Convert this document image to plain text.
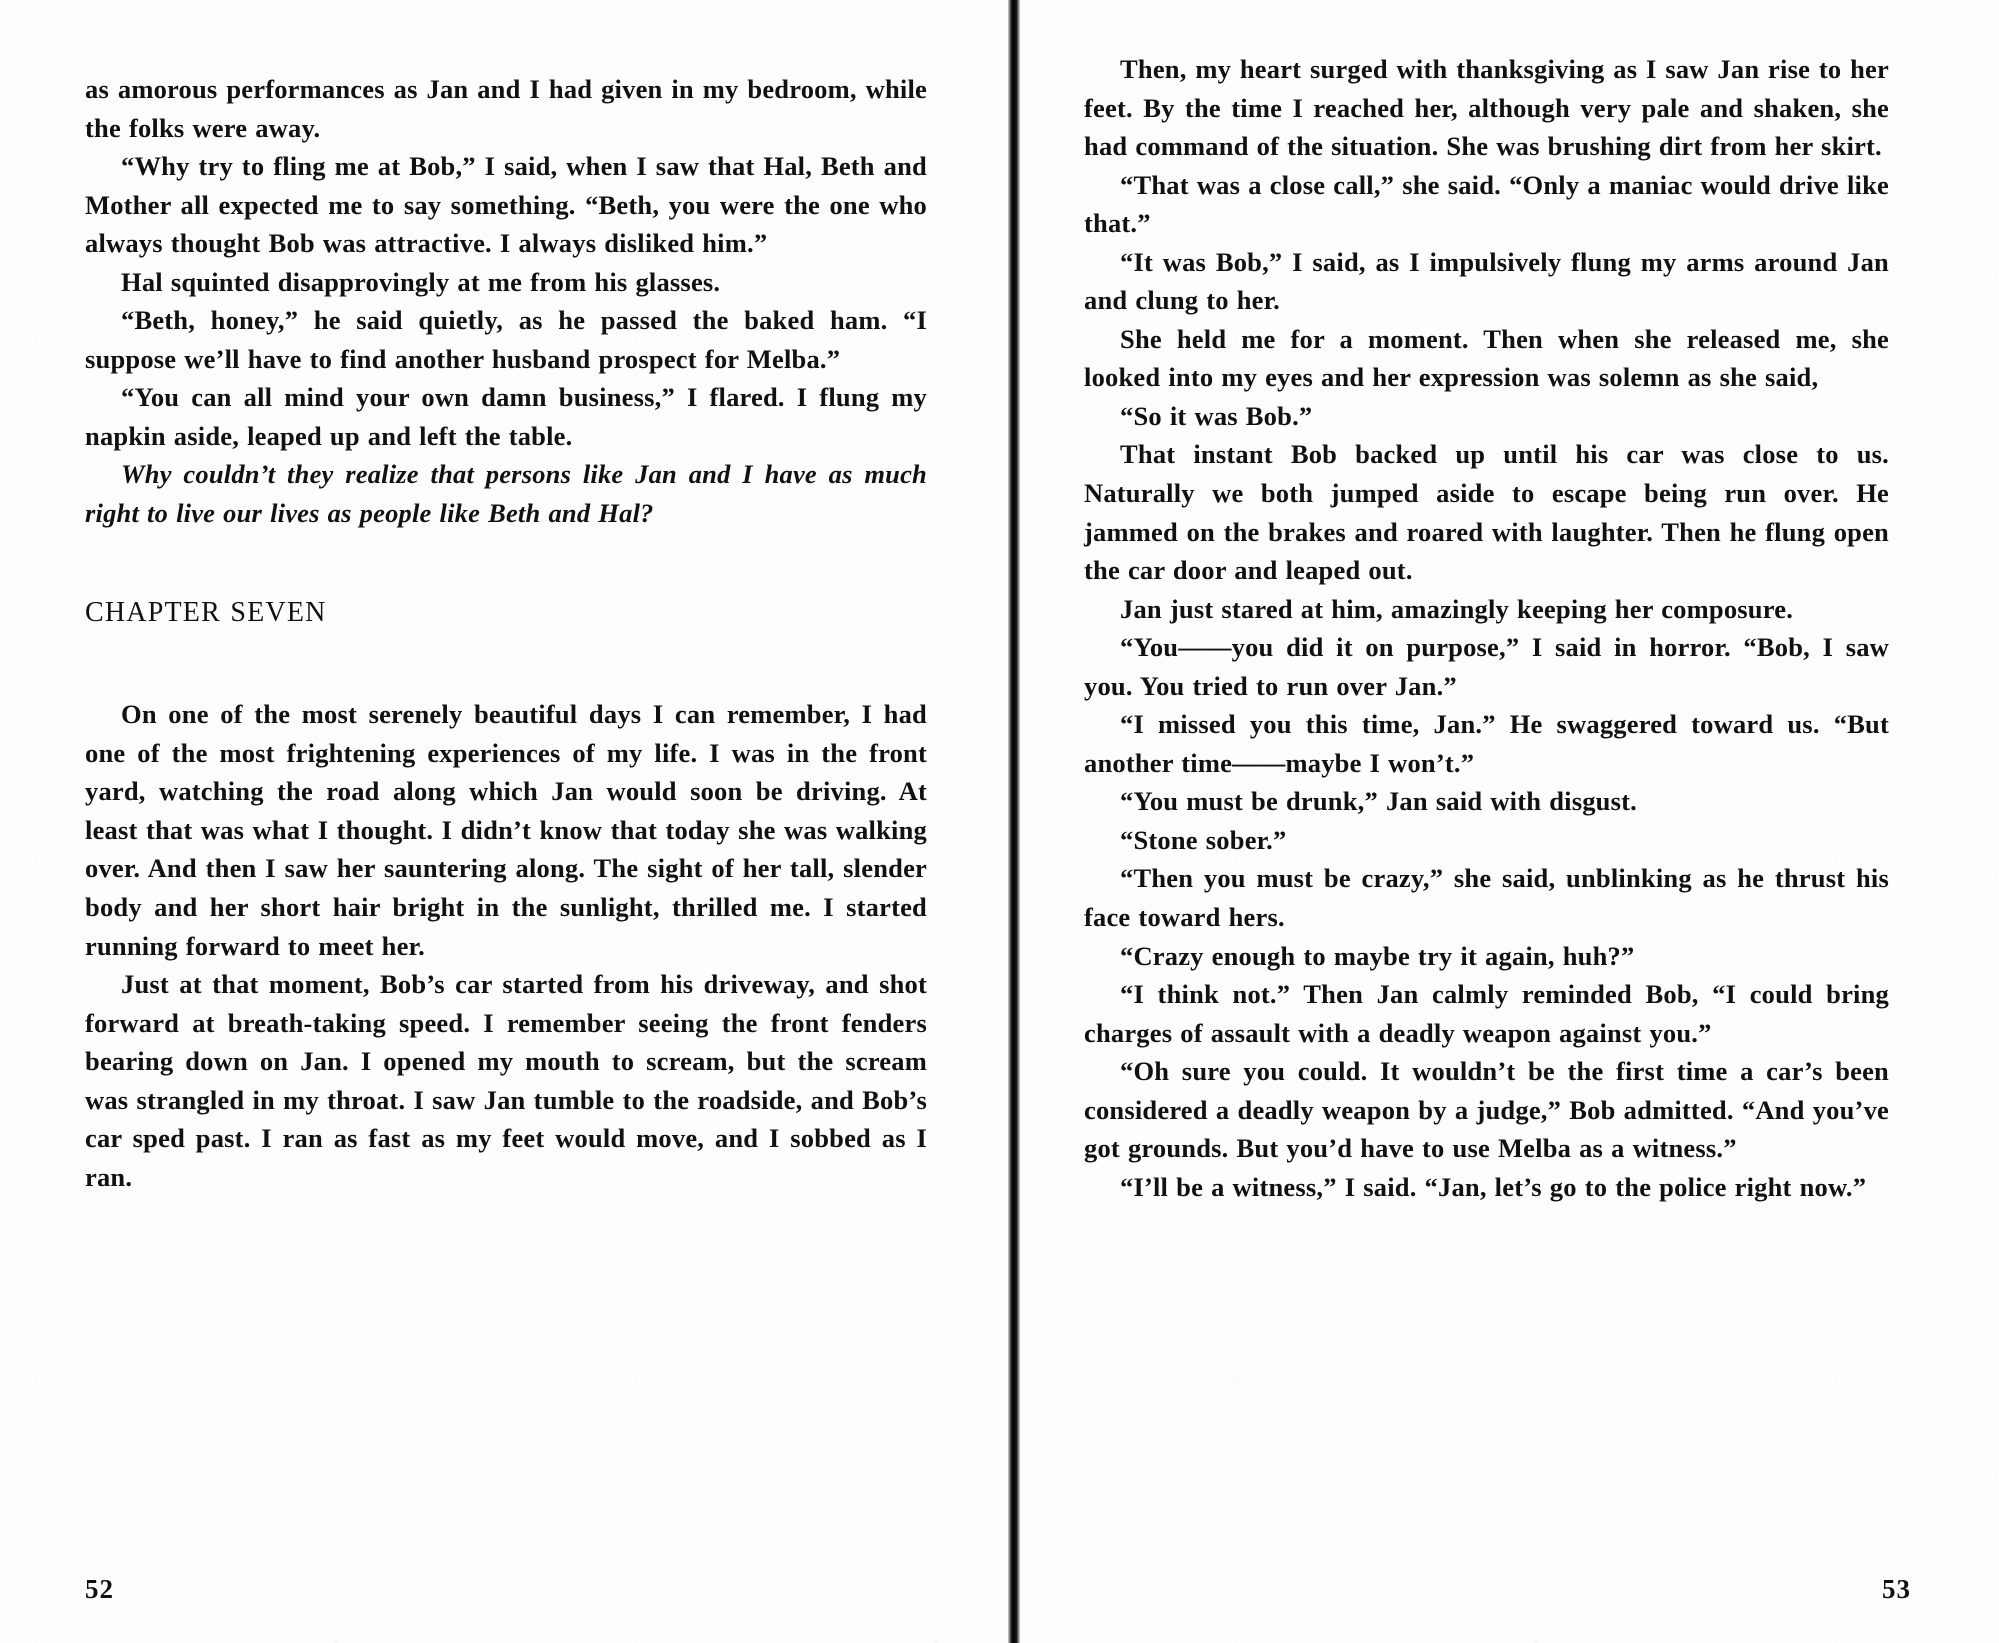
as amorous performances as Jan and I had given in my bedroom, while the folks were away.

“Why try to fling me at Bob,” I said, when I saw that Hal, Beth and Mother all expected me to say something. “Beth, you were the one who always thought Bob was attractive. I always disliked him.”

Hal squinted disapprovingly at me from his glasses.

“Beth, honey,” he said quietly, as he passed the baked ham. “I suppose we’ll have to find another husband prospect for Melba.”

“You can all mind your own damn business,” I flared. I flung my napkin aside, leaped up and left the table.

Why couldn’t they realize that persons like Jan and I have as much right to live our lives as people like Beth and Hal?

CHAPTER SEVEN

On one of the most serenely beautiful days I can remember, I had one of the most frightening experiences of my life. I was in the front yard, watching the road along which Jan would soon be driving. At least that was what I thought. I didn’t know that today she was walking over. And then I saw her sauntering along. The sight of her tall, slender body and her short hair bright in the sunlight, thrilled me. I started running forward to meet her.

Just at that moment, Bob’s car started from his driveway, and shot forward at breath-taking speed. I remember seeing the front fenders bearing down on Jan. I opened my mouth to scream, but the scream was strangled in my throat. I saw Jan tumble to the roadside, and Bob’s car sped past. I ran as fast as my feet would move, and I sobbed as I ran.

52

Then, my heart surged with thanksgiving as I saw Jan rise to her feet. By the time I reached her, although very pale and shaken, she had command of the situation. She was brushing dirt from her skirt.

“That was a close call,” she said. “Only a maniac would drive like that.”

“It was Bob,” I said, as I impulsively flung my arms around Jan and clung to her.

She held me for a moment. Then when she released me, she looked into my eyes and her expression was solemn as she said,

“So it was Bob.”

That instant Bob backed up until his car was close to us. Naturally we both jumped aside to escape being run over. He jammed on the brakes and roared with laughter. Then he flung open the car door and leaped out.

Jan just stared at him, amazingly keeping her composure.

“You——you did it on purpose,” I said in horror. “Bob, I saw you. You tried to run over Jan.”

“I missed you this time, Jan.” He swaggered toward us. “But another time——maybe I won’t.”

“You must be drunk,” Jan said with disgust.

“Stone sober.”

“Then you must be crazy,” she said, unblinking as he thrust his face toward hers.

“Crazy enough to maybe try it again, huh?”

“I think not.” Then Jan calmly reminded Bob, “I could bring charges of assault with a deadly weapon against you.”

“Oh sure you could. It wouldn’t be the first time a car’s been considered a deadly weapon by a judge,” Bob admitted. “And you’ve got grounds. But you’d have to use Melba as a witness.”

“I’ll be a witness,” I said. “Jan, let’s go to the police right now.”

53
